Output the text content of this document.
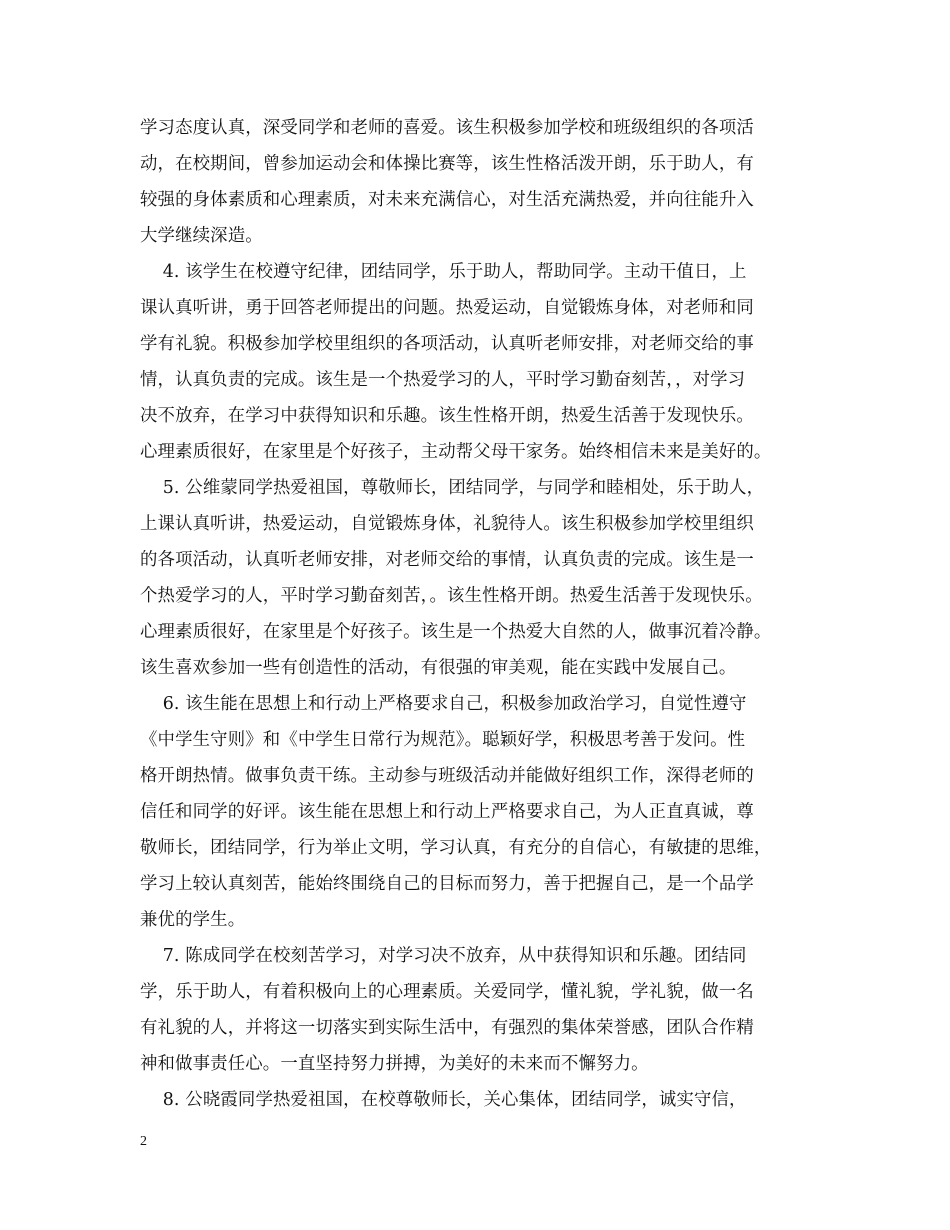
学习态度认真，深受同学和老师的喜爱。该生积极参加学校和班级组织的各项活
动，在校期间，曾参加运动会和体操比赛等，该生性格活泼开朗，乐于助人，有
较强的身体素质和心理素质，对未来充满信心，对生活充满热爱，并向往能升入
大学继续深造。
4. 该学生在校遵守纪律，团结同学，乐于助人，帮助同学。主动干值日，上
课认真听讲，勇于回答老师提出的问题。热爱运动，自觉锻炼身体，对老师和同
学有礼貌。积极参加学校里组织的各项活动，认真听老师安排，对老师交给的事
情，认真负责的完成。该生是一个热爱学习的人，平时学习勤奋刻苦，，对学习
决不放弃，在学习中获得知识和乐趣。该生性格开朗，热爱生活善于发现快乐。
心理素质很好，在家里是个好孩子，主动帮父母干家务。始终相信未来是美好的。
5. 公维蒙同学热爱祖国，尊敬师长，团结同学，与同学和睦相处，乐于助人，
上课认真听讲，热爱运动，自觉锻炼身体，礼貌待人。该生积极参加学校里组织
的各项活动，认真听老师安排，对老师交给的事情，认真负责的完成。该生是一
个热爱学习的人，平时学习勤奋刻苦，。该生性格开朗。热爱生活善于发现快乐。
心理素质很好，在家里是个好孩子。该生是一个热爱大自然的人，做事沉着冷静。
该生喜欢参加一些有创造性的活动，有很强的审美观，能在实践中发展自己。
6. 该生能在思想上和行动上严格要求自己，积极参加政治学习，自觉性遵守
《中学生守则》和《中学生日常行为规范》。聪颖好学，积极思考善于发问。性
格开朗热情。做事负责干练。主动参与班级活动并能做好组织工作，深得老师的
信任和同学的好评。该生能在思想上和行动上严格要求自己，为人正直真诚，尊
敬师长，团结同学，行为举止文明，学习认真，有充分的自信心，有敏捷的思维，
学习上较认真刻苦，能始终围绕自己的目标而努力，善于把握自己，是一个品学
兼优的学生。
7. 陈成同学在校刻苦学习，对学习决不放弃，从中获得知识和乐趣。团结同
学，乐于助人，有着积极向上的心理素质。关爱同学，懂礼貌，学礼貌，做一名
有礼貌的人，并将这一切落实到实际生活中，有强烈的集体荣誉感，团队合作精
神和做事责任心。一直坚持努力拼搏，为美好的未来而不懈努力。
8. 公晓霞同学热爱祖国，在校尊敬师长，关心集体，团结同学，诚实守信，
2
